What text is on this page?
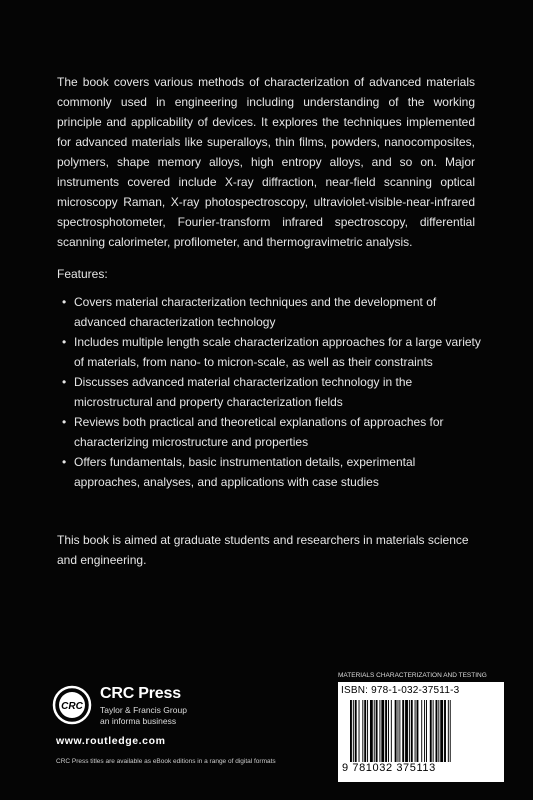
The book covers various methods of characterization of advanced materials commonly used in engineering including understanding of the working principle and applicability of devices. It explores the techniques implemented for advanced materials like superalloys, thin films, powders, nanocomposites, polymers, shape memory alloys, high entropy alloys, and so on. Major instruments covered include X-ray diffraction, near-field scanning optical microscopy Raman, X-ray photospectroscopy, ultraviolet-visible-near-infrared spectrosphotometer, Fourier-transform infrared spectroscopy, differential scanning calorimeter, profilometer, and thermogravimetric analysis.

Features:
• Covers material characterization techniques and the development of advanced characterization technology
• Includes multiple length scale characterization approaches for a large variety of materials, from nano- to micron-scale, as well as their constraints
• Discusses advanced material characterization technology in the microstructural and property characterization fields
• Reviews both practical and theoretical explanations of approaches for characterizing microstructure and properties
• Offers fundamentals, basic instrumentation details, experimental approaches, analyses, and applications with case studies

This book is aimed at graduate students and researchers in materials science and engineering.

CRC
CRC Press
Taylor & Francis Group
an informa business
www.routledge.com
CRC Press titles are available as eBook editions in a range of digital formats
MATERIALS CHARACTERIZATION AND TESTING
ISBN: 978-1-032-37511-3
9 781032 375113
